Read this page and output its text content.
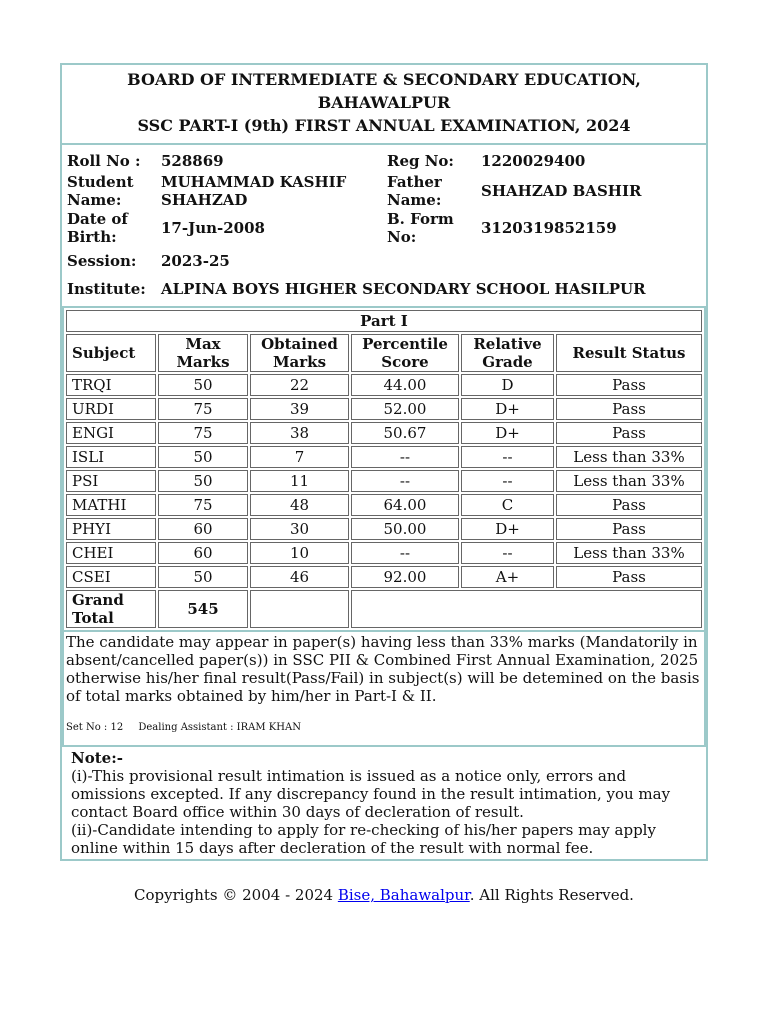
BOARD OF INTERMEDIATE & SECONDARY EDUCATION, BAHAWALPUR
SSC PART-I (9th) FIRST ANNUAL EXAMINATION, 2024
Roll No :	528869	Reg No:	1220029400
Student Name:	MUHAMMAD KASHIF SHAHZAD	Father Name:	SHAHZAD BASHIR
Date of Birth:	17-Jun-2008	B. Form No:	3120319852159
Session:	2023-25		
Institute:	ALPINA BOYS HIGHER SECONDARY SCHOOL HASILPUR		
Part I					
Subject	Max Marks	Obtained Marks	Percentile Score	Relative Grade	Result Status
TRQI	50	22	44.00	D	Pass
URDI	75	39	52.00	D+	Pass
ENGI	75	38	50.67	D+	Pass
ISLI	50	7	--	--	Less than 33%
PSI	50	11	--	--	Less than 33%
MATHI	75	48	64.00	C	Pass
PHYI	60	30	50.00	D+	Pass
CHEI	60	10	--	--	Less than 33%
CSEI	50	46	92.00	A+	Pass
Grand Total	545				
The candidate may appear in paper(s) having less than 33% marks (Mandatorily in absent/cancelled paper(s)) in SSC PII & Combined First Annual Examination, 2025 otherwise his/her final result(Pass/Fail) in subject(s) will be detemined on the basis of total marks obtained by him/her in Part-I & II.
Set No : 12 Dealing Assistant : IRAM KHAN
Note:-
(i)-This provisional result intimation is issued as a notice only, errors and omissions excepted. If any discrepancy found in the result intimation, you may contact Board office within 30 days of decleration of result.
(ii)-Candidate intending to apply for re-checking of his/her papers may apply online within 15 days after decleration of the result with normal fee.
Copyrights © 2004 - 2024 Bise, Bahawalpur. All Rights Reserved.
